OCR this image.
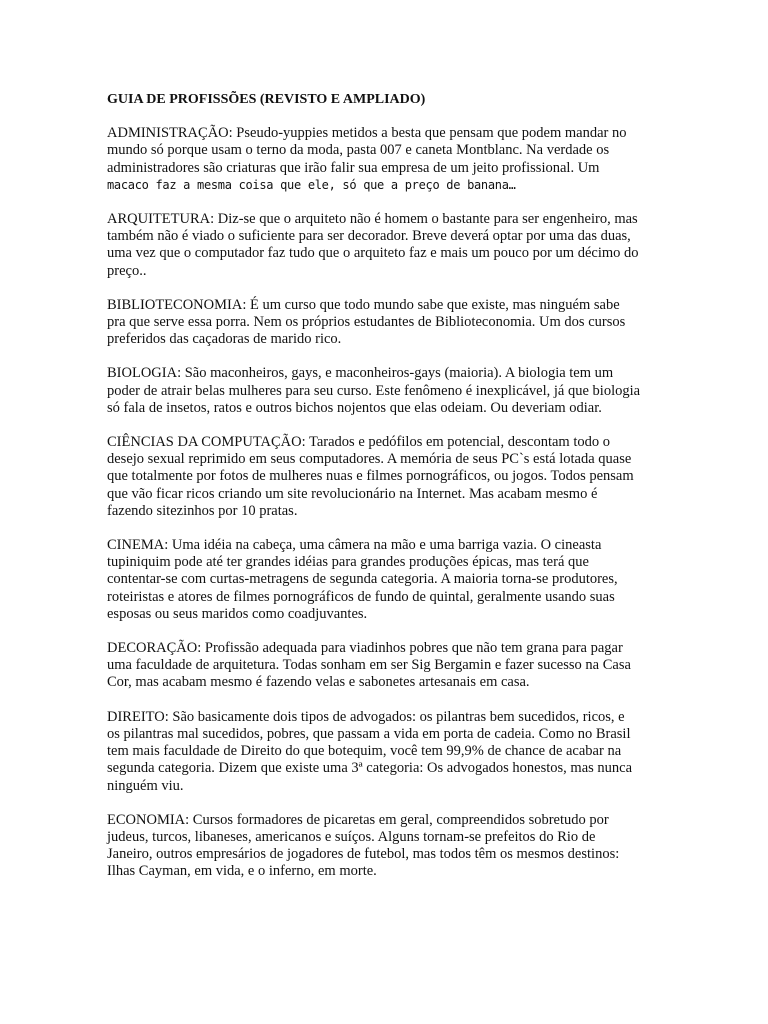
GUIA DE PROFISSÕES (REVISTO E AMPLIADO)
ADMINISTRAÇÃO: Pseudo-yuppies metidos a besta que pensam que podem mandar no
mundo só porque usam o terno da moda, pasta 007 e caneta Montblanc. Na verdade os
administradores são criaturas que irão falir sua empresa de um jeito profissional. Um
macaco faz a mesma coisa que ele, só que a preço de banana…
ARQUITETURA: Diz-se que o arquiteto não é homem o bastante para ser engenheiro, mas
também não é viado o suficiente para ser decorador. Breve deverá optar por uma das duas,
uma vez que o computador faz tudo que o arquiteto faz e mais um pouco por um décimo do
preço..
BIBLIOTECONOMIA: É um curso que todo mundo sabe que existe, mas ninguém sabe
pra que serve essa porra. Nem os próprios estudantes de Biblioteconomia. Um dos cursos
preferidos das caçadoras de marido rico.
BIOLOGIA: São maconheiros, gays, e maconheiros-gays (maioria). A biologia tem um
poder de atrair belas mulheres para seu curso. Este fenômeno é inexplicável, já que biologia
só fala de insetos, ratos e outros bichos nojentos que elas odeiam. Ou deveriam odiar.
CIÊNCIAS DA COMPUTAÇÃO: Tarados e pedófilos em potencial, descontam todo o
desejo sexual reprimido em seus computadores. A memória de seus PC`s está lotada quase
que totalmente por fotos de mulheres nuas e filmes pornográficos, ou jogos. Todos pensam
que vão ficar ricos criando um site revolucionário na Internet. Mas acabam mesmo é
fazendo sitezinhos por 10 pratas.
CINEMA: Uma idéia na cabeça, uma câmera na mão e uma barriga vazia. O cineasta
tupiniquim pode até ter grandes idéias para grandes produções épicas, mas terá que
contentar-se com curtas-metragens de segunda categoria. A maioria torna-se produtores,
roteiristas e atores de filmes pornográficos de fundo de quintal, geralmente usando suas
esposas ou seus maridos como coadjuvantes.
DECORAÇÃO: Profissão adequada para viadinhos pobres que não tem grana para pagar
uma faculdade de arquitetura. Todas sonham em ser Sig Bergamin e fazer sucesso na Casa
Cor, mas acabam mesmo é fazendo velas e sabonetes artesanais em casa.
DIREITO: São basicamente dois tipos de advogados: os pilantras bem sucedidos, ricos, e
os pilantras mal sucedidos, pobres, que passam a vida em porta de cadeia. Como no Brasil
tem mais faculdade de Direito do que botequim, você tem 99,9% de chance de acabar na
segunda categoria. Dizem que existe uma 3ª categoria: Os advogados honestos, mas nunca
ninguém viu.
ECONOMIA: Cursos formadores de picaretas em geral, compreendidos sobretudo por
judeus, turcos, libaneses, americanos e suíços. Alguns tornam-se prefeitos do Rio de
Janeiro, outros empresários de jogadores de futebol, mas todos têm os mesmos destinos:
Ilhas Cayman, em vida, e o inferno, em morte.
